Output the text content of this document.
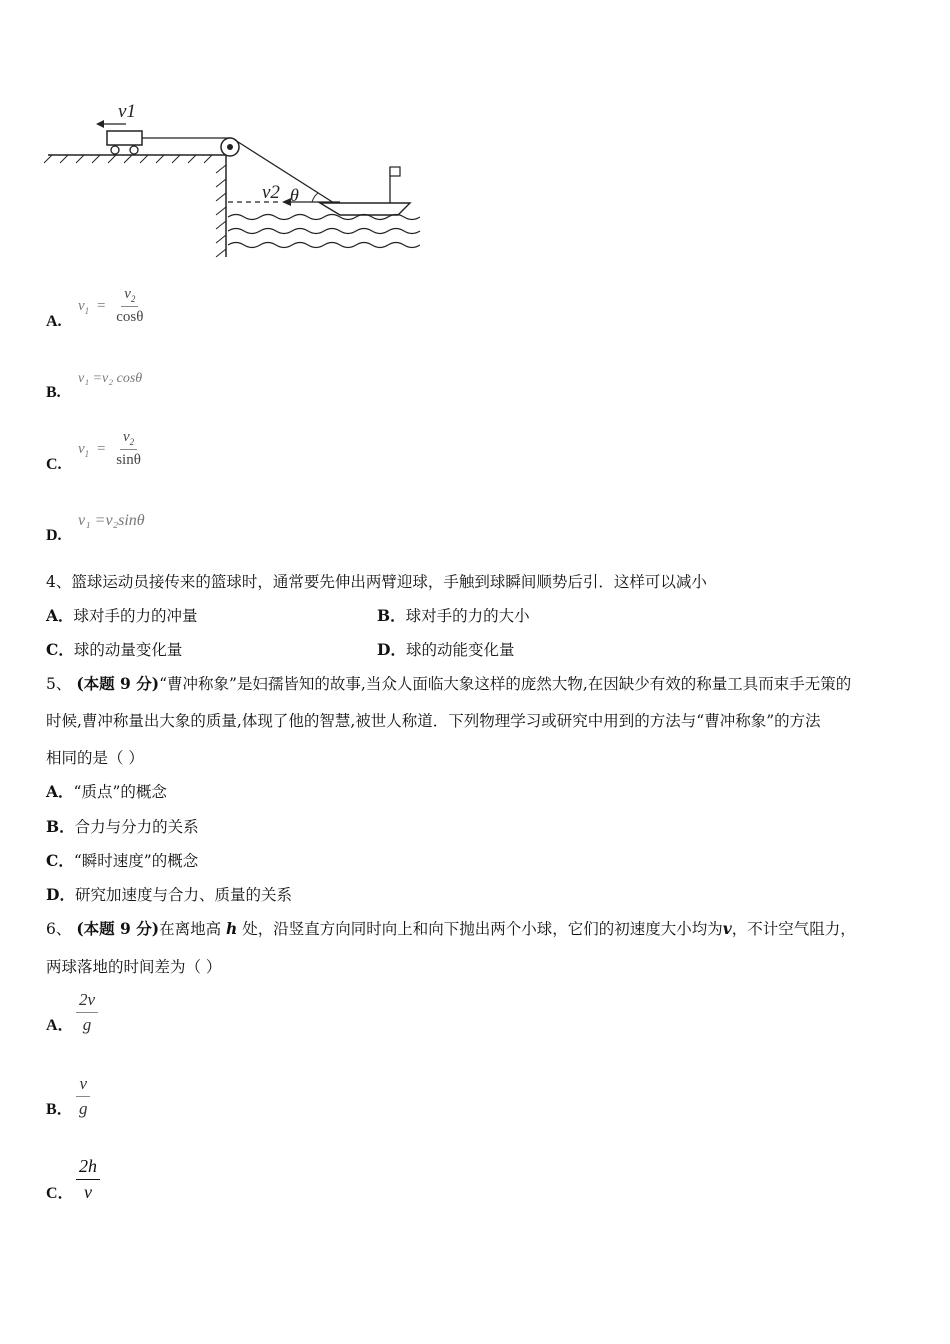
v1
v2 θ
A.
$v_1 = \frac{v_2}{\cos\theta}$
B.
v₁ =v₂ cosθ
C.
$v_1 = \frac{v_2}{\sin\theta}$
D.
v₁ =v₂sinθ
4、篮球运动员接传来的篮球时，通常要先伸出两臂迎球，手触到球瞬间顺势后引．这样可以减小
A．球对手的力的冲量	B．球对手的力的大小
C．球的动量变化量	D．球的动能变化量
5、 (本题 9 分)“曹冲称象”是妇孺皆知的故事,当众人面临大象这样的庞然大物,在因缺少有效的称量工具而束手无策的
时候,曹冲称量出大象的质量,体现了他的智慧,被世人称道．下列物理学习或研究中用到的方法与“曹冲称象”的方法
相同的是（ ）
A．“质点”的概念
B．合力与分力的关系
C．“瞬时速度”的概念
D．研究加速度与合力、质量的关系
6、 (本题 9 分)在离地高 h 处，沿竖直方向同时向上和向下抛出两个小球，它们的初速度大小均为v，不计空气阻力，
两球落地的时间差为（ ）
A． $\frac{2v}{g}$
B． $\frac{v}{g}$
C． $\frac{2h}{v}$
